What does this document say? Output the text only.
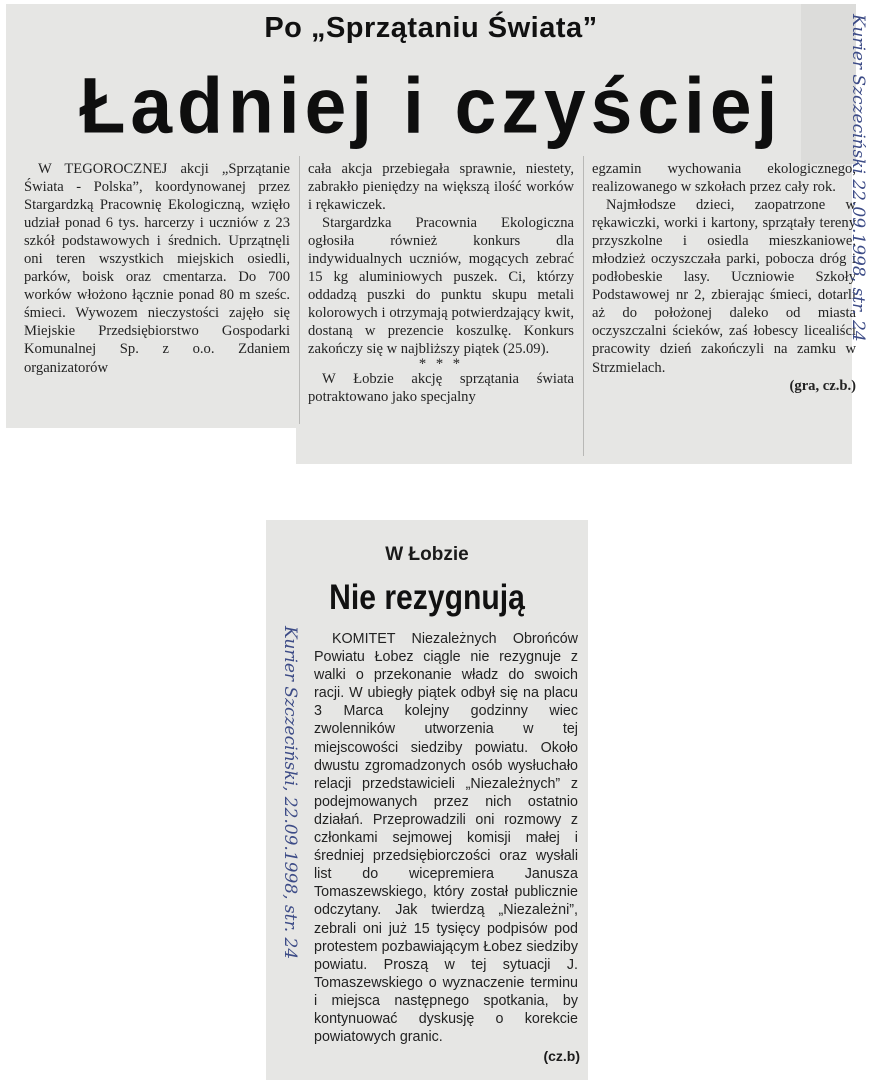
Po „Sprzątaniu Świata”
Ładniej i czyściej

W TEGOROCZNEJ akcji „Sprzątanie Świata - Polska”, koordynowanej przez Stargardzką Pracownię Ekologiczną, wzięło udział ponad 6 tys. harcerzy i uczniów z 23 szkół podstawowych i średnich. Uprzątnęli oni teren wszystkich miejskich osiedli, parków, boisk oraz cmentarza. Do 700 worków włożono łącznie ponad 80 m sześc. śmieci. Wywozem nieczystości zajęło się Miejskie Przedsiębiorstwo Gospodarki Komunalnej Sp. z o.o. Zdaniem organizatorów

cała akcja przebiegała sprawnie, niestety, zabrakło pieniędzy na większą ilość worków i rękawiczek.

Stargardzka Pracownia Ekologiczna ogłosiła również konkurs dla indywidualnych uczniów, mogących zebrać 15 kg aluminiowych puszek. Ci, którzy oddadzą puszki do punktu skupu metali kolorowych i otrzymają potwierdzający kwit, dostaną w prezencie koszulkę. Konkurs zakończy się w najbliższy piątek (25.09).

* * *

W Łobzie akcję sprzątania świata potraktowano jako specjalny

egzamin wychowania ekologicznego, realizowanego w szkołach przez cały rok.

Najmłodsze dzieci, zaopatrzone w rękawiczki, worki i kartony, sprzątały tereny przyszkolne i osiedla mieszkaniowe, młodzież oczyszczała parki, pobocza dróg i podłobeskie lasy. Uczniowie Szkoły Podstawowej nr 2, zbierając śmieci, dotarli aż do położonej daleko od miasta oczyszczalni ścieków, zaś łobescy licealiści pracowity dzień zakończyli na zamku w Strzmielach.

(gra, cz.b.)

W Łobzie
Nie rezygnują

KOMITET Niezależnych Obrońców Powiatu Łobez ciągle nie rezygnuje z walki o przekonanie władz do swoich racji. W ubiegły piątek odbył się na placu 3 Marca kolejny godzinny wiec zwolenników utworzenia w tej miejscowości siedziby powiatu. Około dwustu zgromadzonych osób wysłuchało relacji przedstawicieli „Niezależnych” z podejmowanych przez nich ostatnio działań. Przeprowadzili oni rozmowy z członkami sejmowej komisji małej i średniej przedsiębiorczości oraz wysłali list do wicepremiera Janusza Tomaszewskiego, który został publicznie odczytany. Jak twierdzą „Niezależni”, zebrali oni już 15 tysięcy podpisów pod protestem pozbawiającym Łobez siedziby powiatu. Proszą w tej sytuacji J. Tomaszewskiego o wyznaczenie terminu i miejsca następnego spotkania, by kontynuować dyskusję o korekcie powiatowych granic.

(cz.b)
Kurier Szczeciński 22.09.1998, str. 24
Kurier Szczeciński, 22.09.1998, str. 24
